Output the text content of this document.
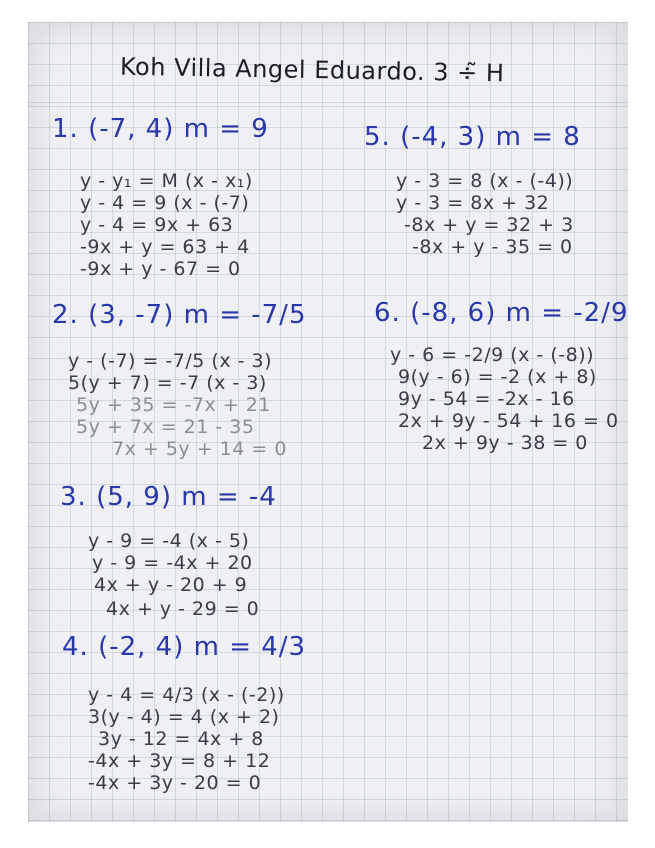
Koh Villa Angel Eduardo. 3 ÷̃ H
1. (-7, 4) m = 9
y - y₁ = M (x - x₁)
y - 4 = 9 (x - (-7)
y - 4 = 9x + 63
-9x + y = 63 + 4
-9x + y - 67 = 0
2. (3, -7) m = -7/5
y - (-7) = -7/5 (x - 3)
5(y + 7) = -7 (x - 3)
5y + 35 = -7x + 21
5y + 7x = 21 - 35
7x + 5y + 14 = 0
3. (5, 9) m = -4
y - 9 = -4 (x - 5)
y - 9 = -4x + 20
4x + y - 20 + 9
4x + y - 29 = 0
4. (-2, 4) m = 4/3
y - 4 = 4/3 (x - (-2))
3(y - 4) = 4 (x + 2)
3y - 12 = 4x + 8
-4x + 3y = 8 + 12
-4x + 3y - 20 = 0
5. (-4, 3) m = 8
y - 3 = 8 (x - (-4))
y - 3 = 8x + 32
-8x + y = 32 + 3
-8x + y - 35 = 0
6. (-8, 6) m = -2/9
y - 6 = -2/9 (x - (-8))
9(y - 6) = -2 (x + 8)
9y - 54 = -2x - 16
2x + 9y - 54 + 16 = 0
2x + 9y - 38 = 0
